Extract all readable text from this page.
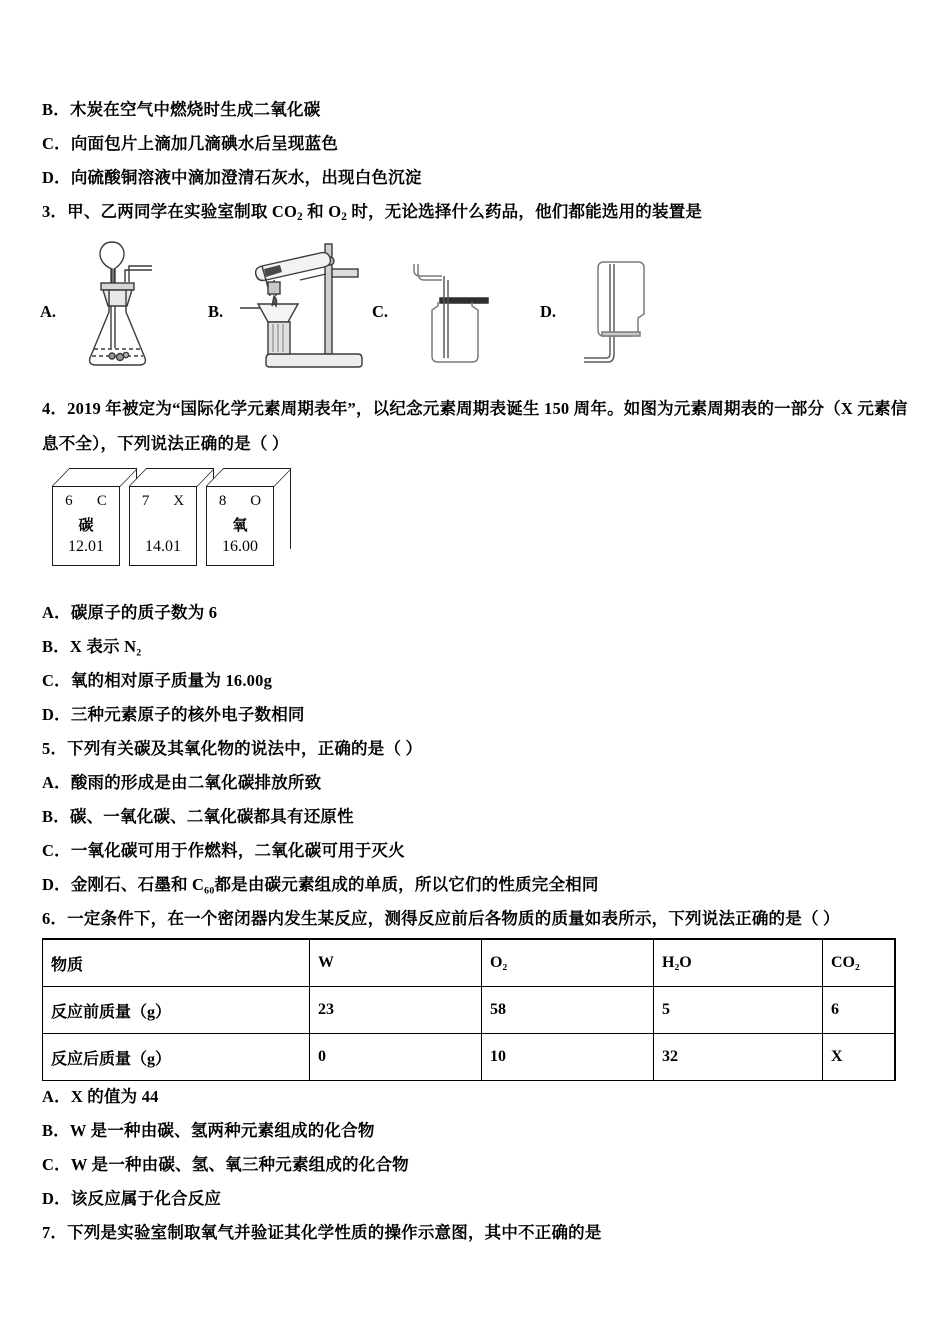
B．木炭在空气中燃烧时生成二氧化碳
C．向面包片上滴加几滴碘水后呈现蓝色
D．向硫酸铜溶液中滴加澄清石灰水，出现白色沉淀
3．甲、乙两同学在实验室制取 $CO_2$ 和 $O_2$ 时，无论选择什么药品，他们都能选用的装置是
A.	B.	C.	D.
4．2019 年被定为“国际化学元素周期表年”，以纪念元素周期表诞生 150 周年。如图为元素周期表的一部分（X 元素信
息不全），下列说法正确的是（ ）
6 C
碳
12.01
7 X
14.01
8 O
氧
16.00
A．碳原子的质子数为 6
B．X 表示 N₂
C．氧的相对原子质量为 16.00g
D．三种元素原子的核外电子数相同
5．下列有关碳及其氧化物的说法中，正确的是（ ）
A．酸雨的形成是由二氧化碳排放所致
B．碳、一氧化碳、二氧化碳都具有还原性
C．一氧化碳可用于作燃料，二氧化碳可用于灭火
D．金刚石、石墨和 C₆₀都是由碳元素组成的单质，所以它们的性质完全相同
6．一定条件下，在一个密闭器内发生某反应，测得反应前后各物质的质量如表所示，下列说法正确的是（ ）
物质	W	O₂	H₂O	CO₂
反应前质量（g）	23	58	5	6
反应后质量（g）	0	10	32	X
A．X 的值为 44
B．W 是一种由碳、氢两种元素组成的化合物
C．W 是一种由碳、氢、氧三种元素组成的化合物
D．该反应属于化合反应
7．下列是实验室制取氧气并验证其化学性质的操作示意图，其中不正确的是
